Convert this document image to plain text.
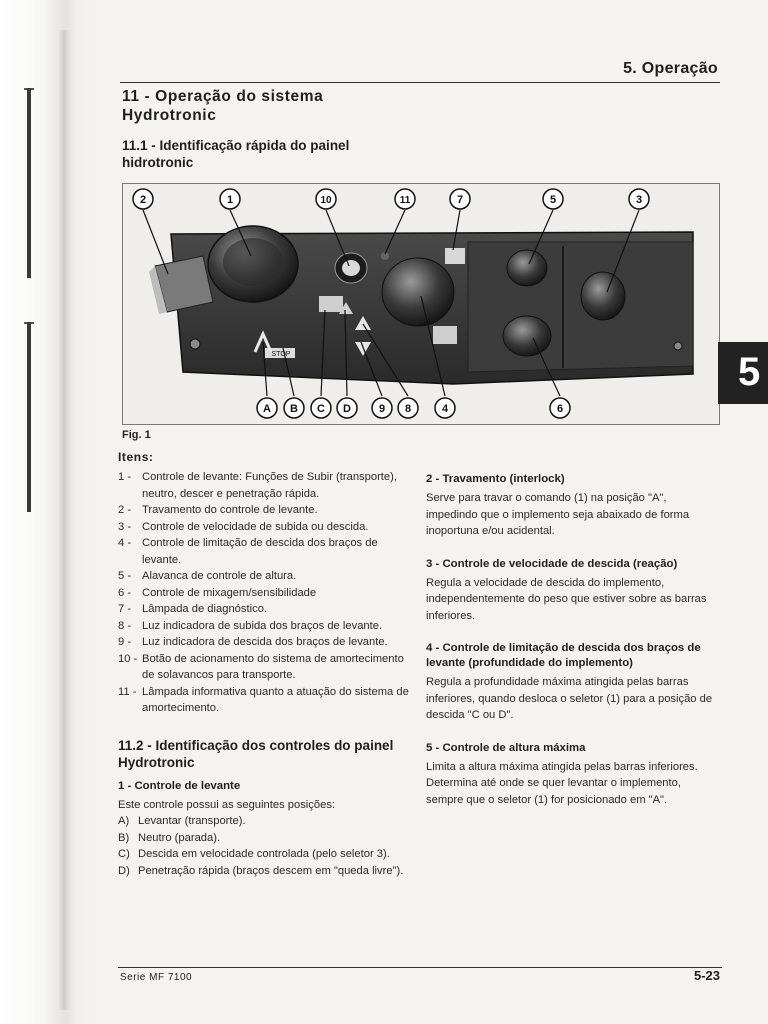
5. Operação
11 - Operação do sistema Hydrotronic
11.1 - Identificação rápida do painel hidrotronic
STOP
2	1	10	11	7	5	3
A B C D	9 8	4	6
Fig. 1
Itens:
1 - Controle de levante: Funções de Subir (transporte), neutro, descer e penetração rápida.
2 - Travamento do controle de levante.
3 - Controle de velocidade de subida ou descida.
4 - Controle de limitação de descida dos braços de levante.
5 - Alavanca de controle de altura.
6 - Controle de mixagem/sensibilidade
7 - Lâmpada de diagnóstico.
8 - Luz indicadora de subida dos braços de levante.
9 - Luz indicadora de descida dos braços de levante.
10 - Botão de acionamento do sistema de amortecimento de solavancos para transporte.
11 - Lâmpada informativa quanto a atuação do sistema de amortecimento.
11.2 - Identificação dos controles do painel Hydrotronic
1 - Controle de levante
Este controle possui as seguintes posições:
A) Levantar (transporte).
B) Neutro (parada).
C) Descida em velocidade controlada (pelo seletor 3).
D) Penetração rápida (braços descem em "queda livre").
2 - Travamento (interlock)
Serve para travar o comando (1) na posição "A", impedindo que o implemento seja abaixado de forma inoportuna e/ou acidental.
3 - Controle de velocidade de descida (reação)
Regula a velocidade de descida do implemento, independentemente do peso que estiver sobre as barras inferiores.
4 - Controle de limitação de descida dos braços de levante (profundidade do implemento)
Regula a profundidade máxima atingida pelas barras inferiores, quando desloca o seletor (1) para a posição de descida "C ou D".
5 - Controle de altura máxima
Limita a altura máxima atingida pelas barras inferiores. Determina até onde se quer levantar o implemento, sempre que o seletor (1) for posicionado em "A".
Serie MF 7100	5-23
5
